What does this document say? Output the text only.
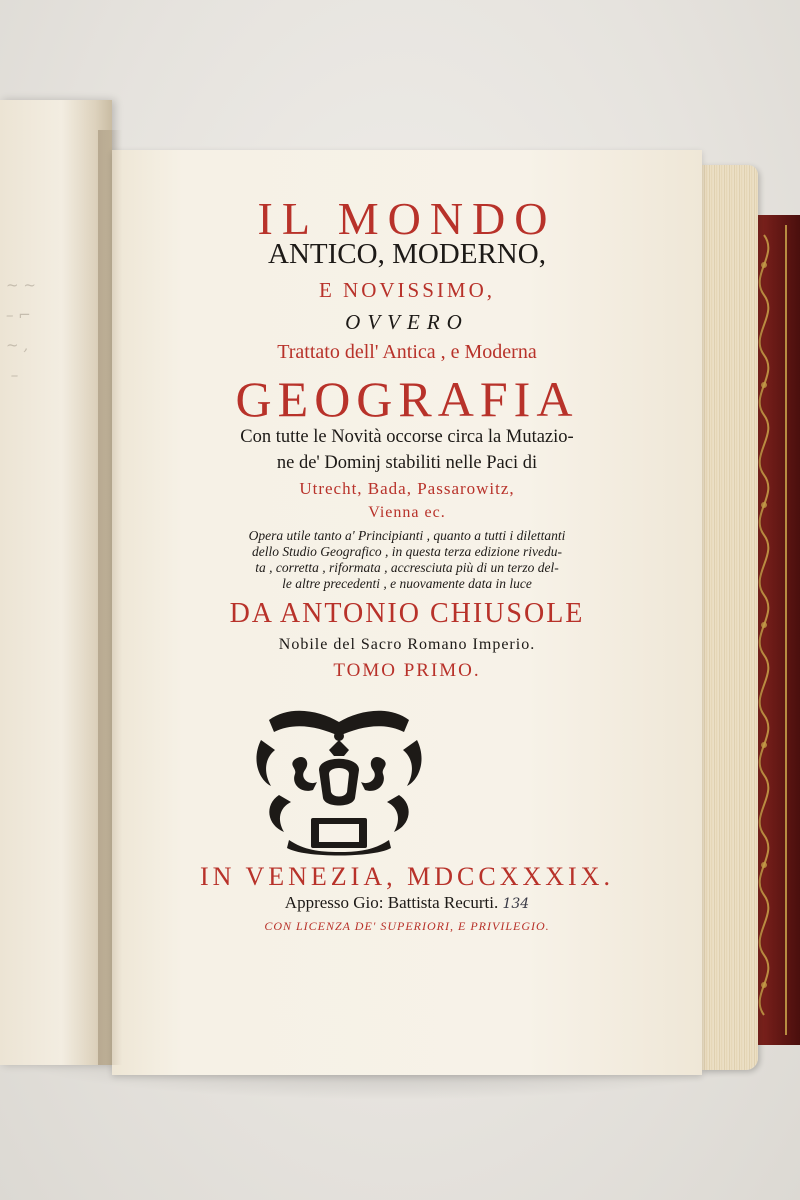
~ ~
– ⌐
~ ,
–

IL MONDO

ANTICO, MODERNO,

E NOVISSIMO,

OVVERO

Trattato dell' Antica , e Moderna

GEOGRAFIA

Con tutte le Novità occorse circa la Mutazio-

ne de' Dominj stabiliti nelle Paci di

Utrecht, Bada, Passarowitz,

Vienna ec.

Opera utile tanto a' Principianti , quanto a tutti i dilettanti

dello Studio Geografico , in questa terza edizione rivedu-

ta , corretta , riformata , accresciuta più di un terzo del-

le altre precedenti , e nuovamente data in luce

DA ANTONIO CHIUSOLE

Nobile del Sacro Romano Imperio.

TOMO PRIMO.

IN VENEZIA, MDCCXXXIX.

Appresso Gio: Battista Recurti. 134

CON LICENZA DE' SUPERIORI, E PRIVILEGIO.
